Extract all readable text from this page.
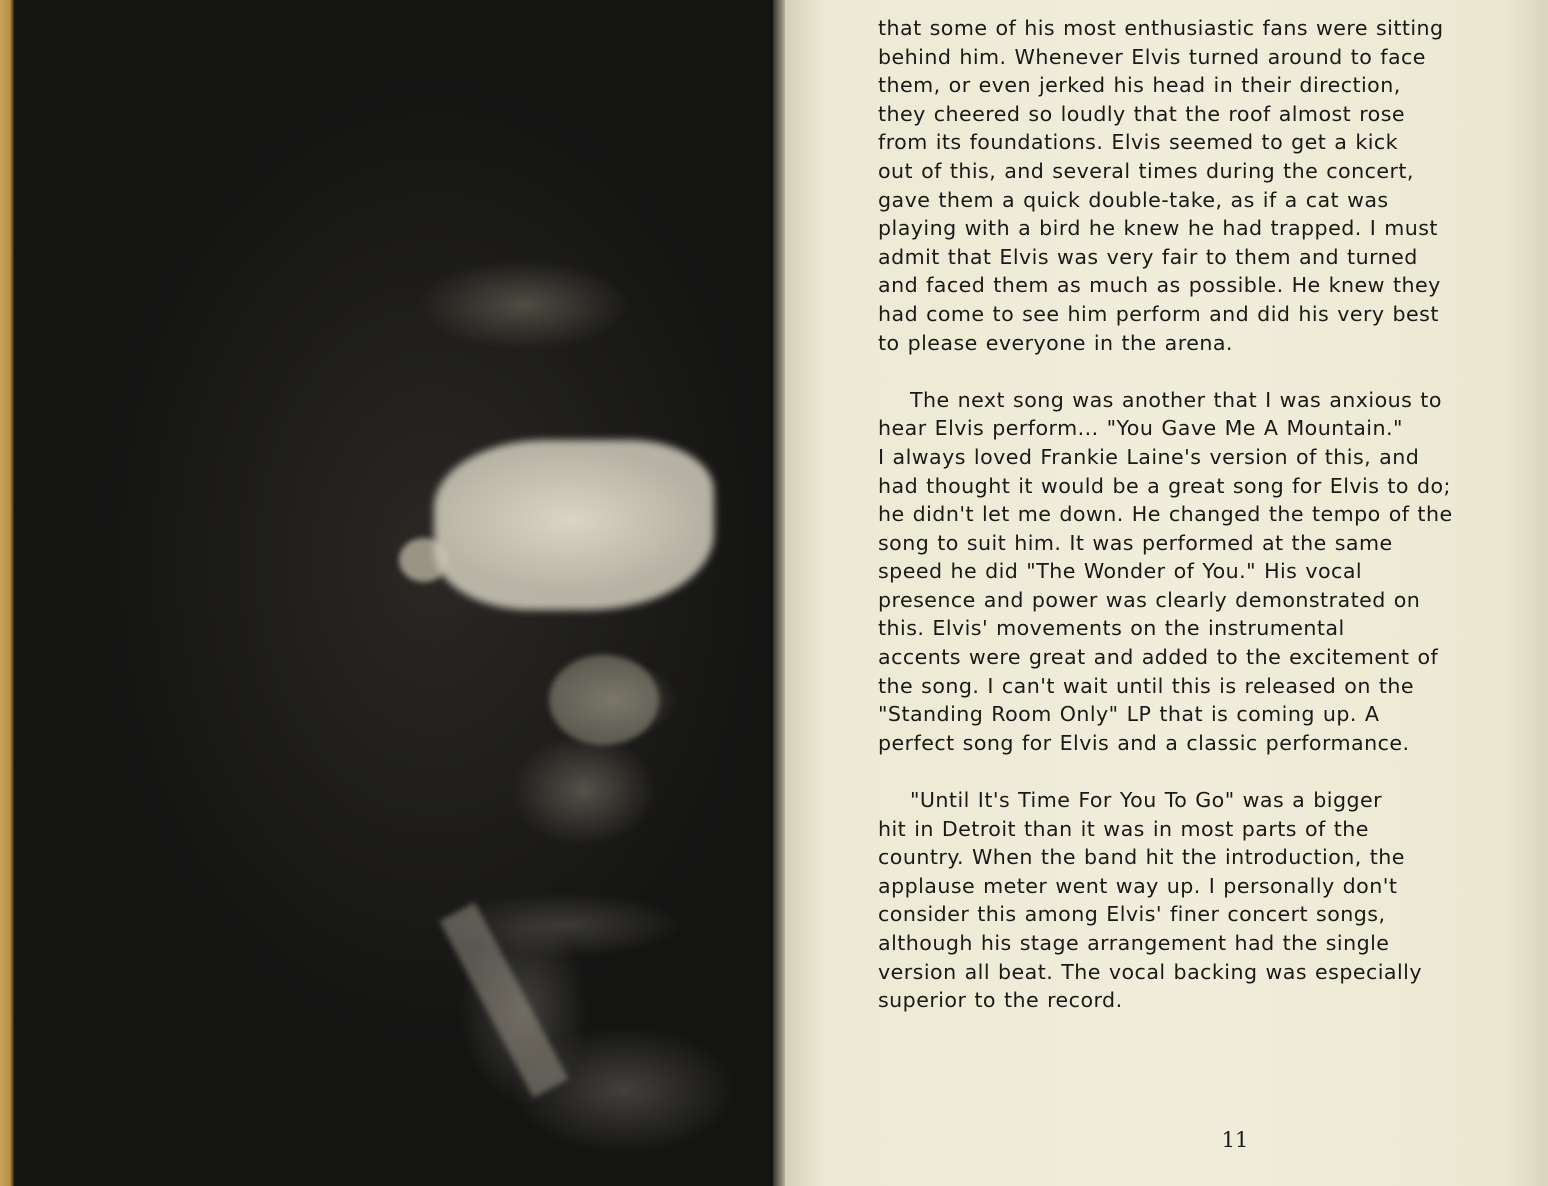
that some of his most enthusiastic fans were sitting
behind him. Whenever Elvis turned around to face
them, or even jerked his head in their direction,
they cheered so loudly that the roof almost rose
from its foundations. Elvis seemed to get a kick
out of this, and several times during the concert,
gave them a quick double-take, as if a cat was
playing with a bird he knew he had trapped. I must
admit that Elvis was very fair to them and turned
and faced them as much as possible. He knew they
had come to see him perform and did his very best
to please everyone in the arena.

The next song was another that I was anxious to
hear Elvis perform... "You Gave Me A Mountain."
I always loved Frankie Laine's version of this, and
had thought it would be a great song for Elvis to do;
he didn't let me down. He changed the tempo of the
song to suit him. It was performed at the same
speed he did "The Wonder of You." His vocal
presence and power was clearly demonstrated on
this. Elvis' movements on the instrumental
accents were great and added to the excitement of
the song. I can't wait until this is released on the
"Standing Room Only" LP that is coming up. A
perfect song for Elvis and a classic performance.

"Until It's Time For You To Go" was a bigger
hit in Detroit than it was in most parts of the
country. When the band hit the introduction, the
applause meter went way up. I personally don't
consider this among Elvis' finer concert songs,
although his stage arrangement had the single
version all beat. The vocal backing was especially
superior to the record.

11
